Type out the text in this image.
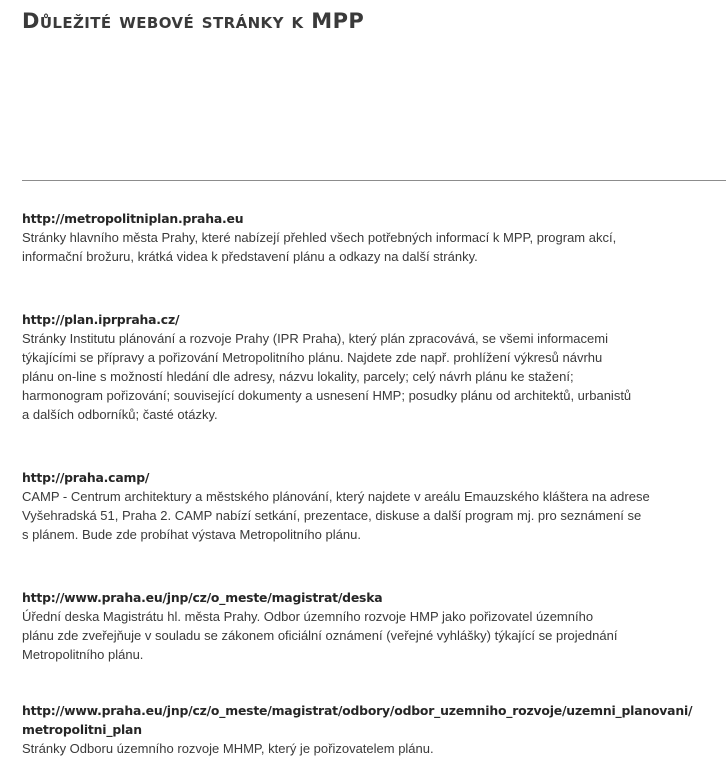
Důležité webové stránky k MPP
http://metropolitniplan.praha.eu

Stránky hlavního města Prahy, které nabízejí přehled všech potřebných informací k MPP, program akcí,
informační brožuru, krátká videa k představení plánu a odkazy na další stránky.

http://plan.iprpraha.cz/

Stránky Institutu plánování a rozvoje Prahy (IPR Praha), který plán zpracovává, se všemi informacemi
týkajícími se přípravy a pořizování Metropolitního plánu. Najdete zde např. prohlížení výkresů návrhu
plánu on-line s možností hledání dle adresy, názvu lokality, parcely; celý návrh plánu ke stažení;
harmonogram pořizování; související dokumenty a usnesení HMP; posudky plánu od architektů, urbanistů
a dalších odborníků; časté otázky.

http://praha.camp/

CAMP - Centrum architektury a městského plánování, který najdete v areálu Emauzského kláštera na adrese
Vyšehradská 51, Praha 2. CAMP nabízí setkání, prezentace, diskuse a další program mj. pro seznámení se
s plánem. Bude zde probíhat výstava Metropolitního plánu.

http://www.praha.eu/jnp/cz/o_meste/magistrat/deska

Úřední deska Magistrátu hl. města Prahy. Odbor územního rozvoje HMP jako pořizovatel územního
plánu zde zveřejňuje v souladu se zákonem oficiální oznámení (veřejné vyhlášky) týkající se projednání
Metropolitního plánu.

http://www.praha.eu/jnp/cz/o_meste/magistrat/odbory/odbor_uzemniho_rozvoje/uzemni_planovani/
metropolitni_plan

Stránky Odboru územního rozvoje MHMP, který je pořizovatelem plánu.
